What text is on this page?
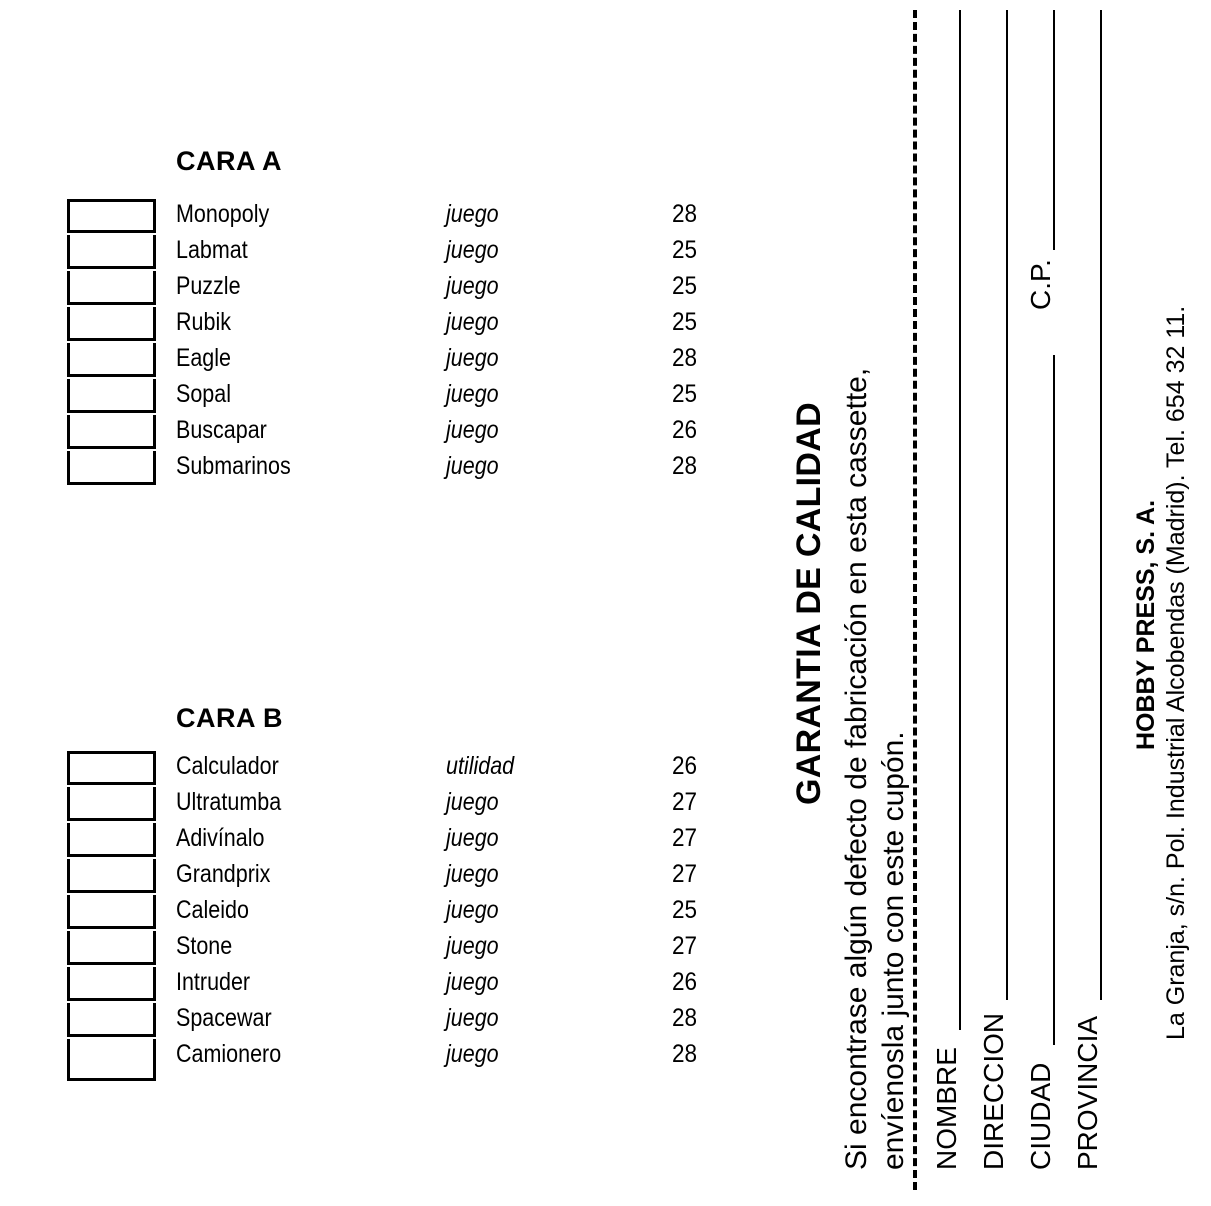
CARA A
Monopoly	juego	28
Labmat	juego	25
Puzzle	juego	25
Rubik	juego	25
Eagle	juego	28
Sopal	juego	25
Buscapar	juego	26
Submarinos	juego	28
CARA B
Calculador	utilidad	26
Ultratumba	juego	27
Adivínalo	juego	27
Grandprix	juego	27
Caleido	juego	25
Stone	juego	27
Intruder	juego	26
Spacewar	juego	28
Camionero	juego	28
GARANTIA DE CALIDAD Si encontrase algún defecto de fabricación en esta cassette, envíenosla junto con este cupón. NOMBRE DIRECCION CIUDAD
C.P.
PROVINCIA
HOBBY PRESS, S. A. La Granja, s/n. Pol. Industrial Alcobendas (Madrid). Tel. 654 32 11.
